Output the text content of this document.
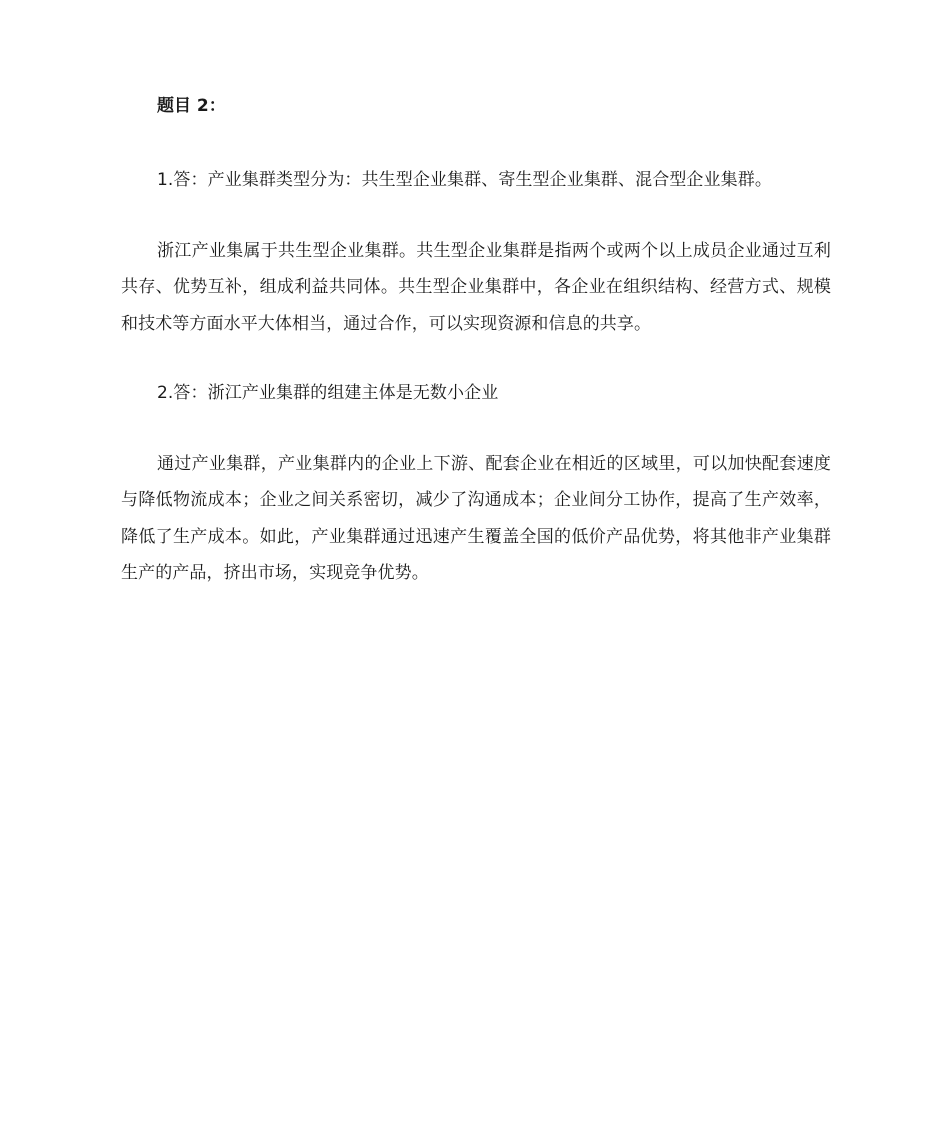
题目 2：

1.答：产业集群类型分为：共生型企业集群、寄生型企业集群、混合型企业集群。

浙江产业集属于共生型企业集群。共生型企业集群是指两个或两个以上成员企业通过互利共存、优势互补，组成利益共同体。共生型企业集群中，各企业在组织结构、经营方式、规模和技术等方面水平大体相当，通过合作，可以实现资源和信息的共享。

2.答：浙江产业集群的组建主体是无数小企业

通过产业集群，产业集群内的企业上下游、配套企业在相近的区域里，可以加快配套速度与降低物流成本；企业之间关系密切，减少了沟通成本；企业间分工协作，提高了生产效率，降低了生产成本。如此，产业集群通过迅速产生覆盖全国的低价产品优势，将其他非产业集群生产的产品，挤出市场，实现竞争优势。
